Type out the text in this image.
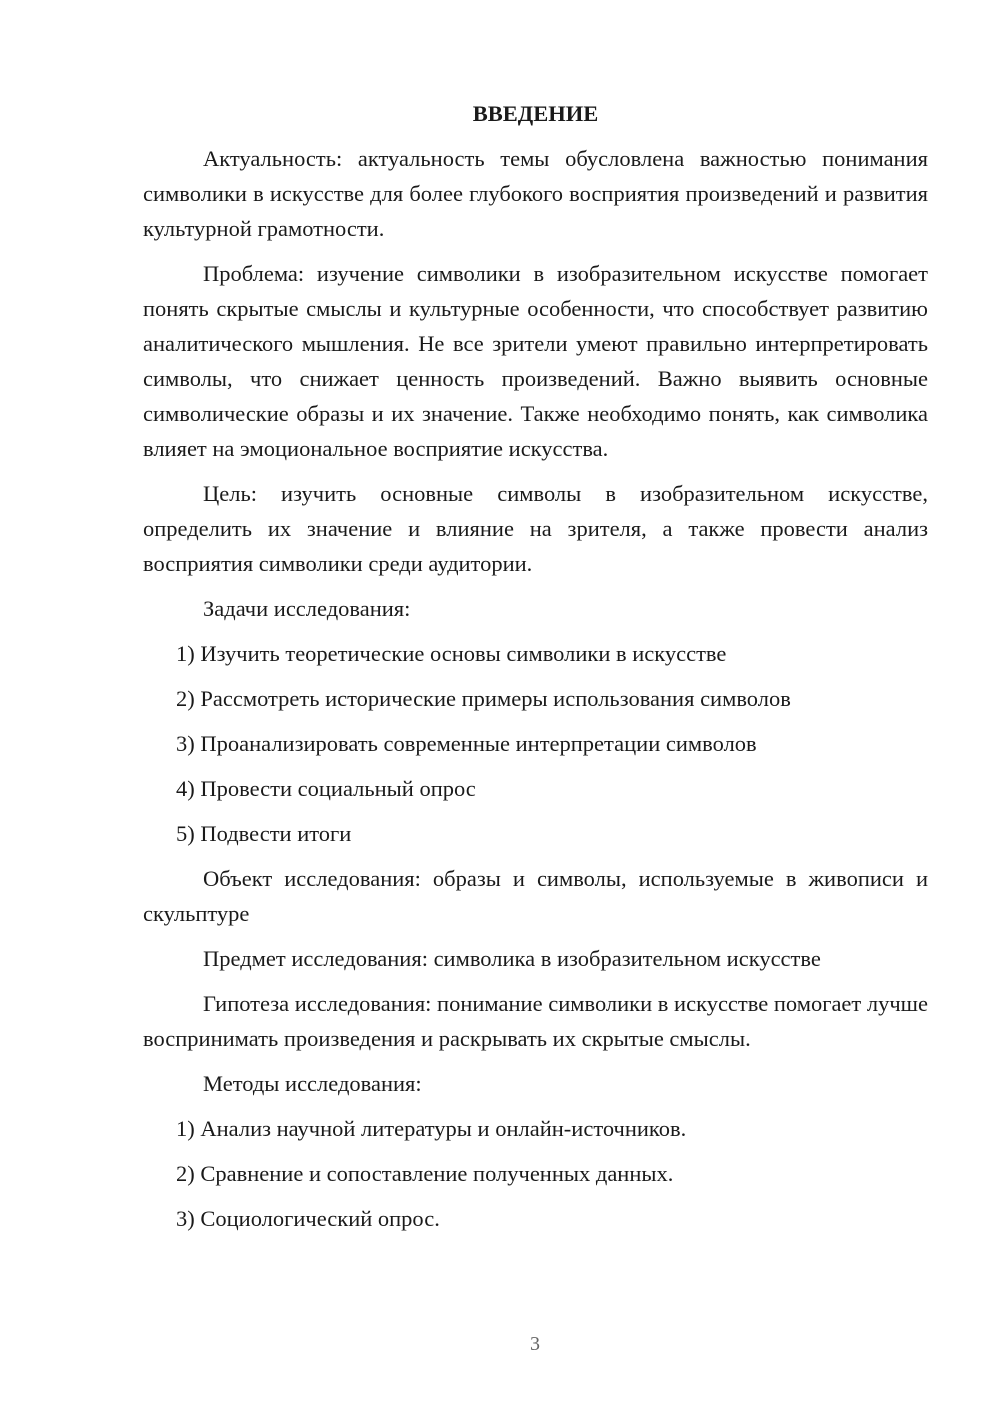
ВВЕДЕНИЕ

Актуальность: актуальность темы обусловлена важностью понимания символики в искусстве для более глубокого восприятия произведений и развития культурной грамотности.

Проблема: изучение символики в изобразительном искусстве помогает понять скрытые смыслы и культурные особенности, что способствует развитию аналитического мышления. Не все зрители умеют правильно интерпретировать символы, что снижает ценность произведений. Важно выявить основные символические образы и их значение. Также необходимо понять, как символика влияет на эмоциональное восприятие искусства.

Цель: изучить основные символы в изобразительном искусстве, определить их значение и влияние на зрителя, а также провести анализ восприятия символики среди аудитории.

Задачи исследования:

1) Изучить теоретические основы символики в искусстве
2) Рассмотреть исторические примеры использования символов
3) Проанализировать современные интерпретации символов
4) Провести социальный опрос
5) Подвести итоги

Объект исследования: образы и символы, используемые в живописи и скульптуре

Предмет исследования: символика в изобразительном искусстве

Гипотеза исследования: понимание символики в искусстве помогает лучше воспринимать произведения и раскрывать их скрытые смыслы.

Методы исследования:

1) Анализ научной литературы и онлайн-источников.
2) Сравнение и сопоставление полученных данных.
3) Социологический опрос.
3
